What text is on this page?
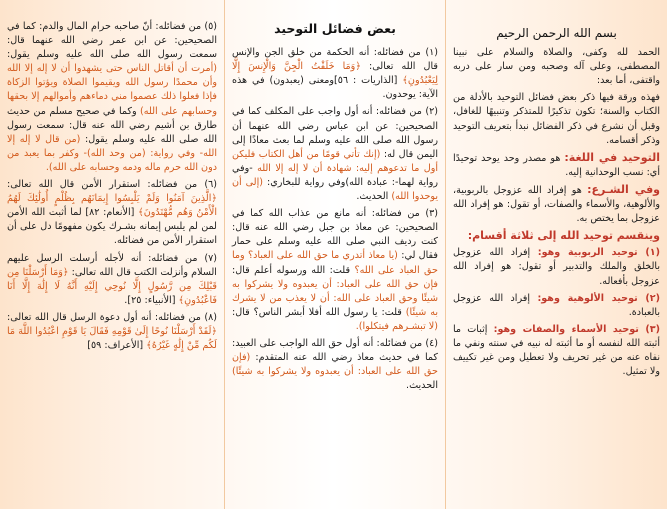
بسم الله الرحمن الرحيم

الحمد لله وكفى، والصلاة والسلام على نبينا المصطفى، وعلى آله وصحبه ومن سار على دربه واقتفى، أما بعد:

فهذه ورقة فيها ذكر بعض فضائل التوحيد بالأدلة من الكتاب والسنة؛ تكون تذكيرًا للمتذكر وتنبيهًا للغافل، وقبل أن نشرع في ذكر الفضائل نبدأ بتعريف التوحيد وذكر أقسامه.

التوحيد في اللغة: هو مصدر وحد يوحد توحيدًا أي: نسب الوحدانية إليه.

وفي الشـرع: هو إفراد الله عزوجل بالربوبية، والألوهية، والأسماء والصفات، أو تقول: هو إفراد الله عزوجل بما يختص به.

وينقسم توحيد الله إلى ثلاثة أقسام:

(١) توحيد الربوبية وهو: إفراد الله عزوجل بالخلق والملك والتدبير أو تقول: هو إفراد الله عزوجل بأفعاله.

(٢) توحيد الألوهية وهو: إفراد الله عزوجل بالعبادة.

(٣) توحيد الأسماء والصفات وهو: إثبات ما أثبته الله لنفسه أو ما أثبته له نبيه في سنته ونفي ما نفاه عنه من غير تحريف ولا تعطيل ومن غير تكييف ولا تمثيل.

بعض فضائل التوحيد

(١) من فضائله: أنه الحكمة من خلق الجن والإنس قال الله تعالى: ﴿وَمَا خَلَقْتُ الْجِنَّ وَالْإِنسَ إِلَّا لِيَعْبُدُونِ﴾ [الذاريات : ٥٦]ومعنى (يعبدون) في هذه الآية: يوحدون.

(٢) من فضائله: أنه أول واجب على المكلف كما في الصحيحين: عن ابن عباس رضي الله عنهما أن رسول الله صلى الله عليه وسلم لما بعث معاذًا إلى اليمن قال له: (إنك تأتي قومًا من أهل الكتاب فليكن أول ما تدعوهم إليه: شهادة أن لا إله إلا الله -وفي رواية لهما-: عبادة الله)وفي رواية للبخاري: (إلى أن يوحدوا الله) الحديث.

(٣) من فضائله: أنه مانع من عذاب الله كما في الصحيحين: عن معاذ بن جبل رضي الله عنه قال: كنت رديف النبي صلى الله عليه وسلم على حمار فقال لي: (يا معاذ أتدري ما حق الله على العباد؟ وما حق العباد على الله؟ قلت: الله ورسوله أعلم قال: فإن حق الله على العباد: أن يعبدوه ولا يشركوا به شيئًا وحق العباد على الله: أن لا يعذب من لا يشرك به شيئًا) قلت: يا رسول الله أفلا أبشر الناس؟ قال: (لا تبشـرهم فيتكلوا).

(٤) من فضائله: أنه أول حق الله الواجب على العبيد: كما في حديث معاذ رضي الله عنه المتقدم: (فإن حق الله على العباد: أن يعبدوه ولا يشركوا به شيئًا) الحديث.

(٥) من فضائله: أنّ صاحبه حرام المال والدم: كما في الصحيحين: عن ابن عمر رضي الله عنهما قال: سمعت رسول الله صلى الله عليه وسلم يقول: (أمرت أن أقاتل الناس حتى يشهدوا أن لا إله إلا الله وأن محمدًا رسول الله ويقيموا الصلاة ويؤتوا الزكاة فإذا فعلوا ذلك عصموا مني دماءهم وأموالهم إلا بحقها وحسابهم على الله) وكما في صحيح مسلم من حديث طارق بن أشيم رضي الله عنه قال: سمعت رسول الله صلى الله عليه وسلم يقول: (من قال لا إله إلا الله- وفي رواية: (من وحد الله)- وكفر بما يعبد من دون الله حرم ماله ودمه وحسابه على الله).

(٦) من فضائله: استقرار الأمن قال الله تعالى: ﴿الَّذِينَ آمَنُوا وَلَمْ يَلْبِسُوا إِيمَانَهُم بِظُلْمٍ أُولَٰئِكَ لَهُمُ الْأَمْنُ وَهُم مُّهْتَدُونَ﴾ [الأنعام: ٨٢] لما أثبت الله الأمن لمن لم يلبس إيمانه بشـرك يكون مفهومًا دل على أن استقرار الأمن من فضائله.

(٧) من فضائله: أنه لأجله أرسلت الرسل عليهم السلام وأنزلت الكتب قال الله تعالى: ﴿وَمَا أَرْسَلْنَا مِن قَبْلِكَ مِن رَّسُولٍ إِلَّا نُوحِي إِلَيْهِ أَنَّهُ لَا إِلَٰهَ إِلَّا أَنَا فَاعْبُدُونِ﴾ [الأنبياء: ٢٥].

(٨) من فضائله: أنه أول دعوة الرسل قال الله تعالى: ﴿لَقَدْ أَرْسَلْنَا نُوحًا إِلَىٰ قَوْمِهِ فَقَالَ يَا قَوْمِ اعْبُدُوا اللَّهَ مَا لَكُم مِّنْ إِلَٰهٍ غَيْرُهُ﴾ [الأعراف: ٥٩]
